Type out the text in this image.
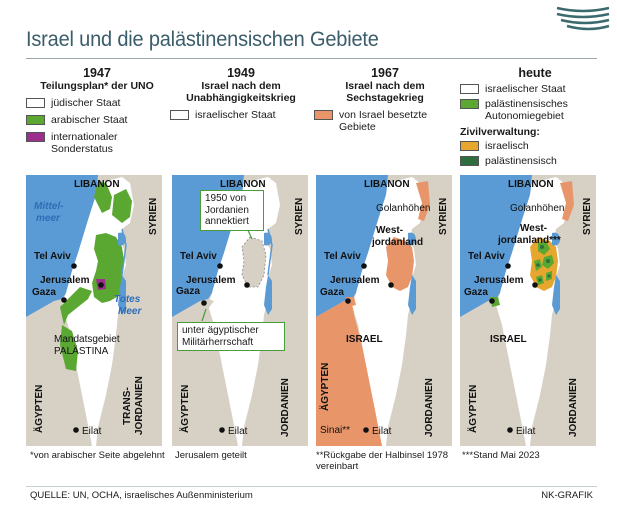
Israel und die palästinensischen Gebiete
1947
Teilungsplan* der UNO
jüdischer Staat
arabischer Staat
internationaler Sonderstatus
1949
Israel nach dem Unabhängigkeitskrieg
israelischer Staat
1967
Israel nach dem Sechstagekrieg
von Israel besetzte Gebiete
heute
israelischer Staat
palästinensisches Autonomiegebiet
Zivilverwaltung:
israelisch
palästinensisch
LIBANON
SYRIEN
Mittel-
meer
Tel Aviv
Jerusalem
Gaza
Totes
Meer
Mandatsgebiet
PALÄSTINA
ÄGYPTEN	TRANS- JORDANIEN
Eilat
LIBANON
SYRIEN
Tel Aviv
Jerusalem
Gaza
ÄGYPTEN	JORDANIEN
Eilat
1950 von Jordanien annektiert
unter ägyptischer Militärherrschaft
LIBANON
SYRIEN
Golanhöhen
West-
jordanland
Tel Aviv
Jerusalem
Gaza
ISRAEL
ÄGYPTEN	JORDANIEN
Sinai** Eilat
LIBANON
SYRIEN
Golanhöhen
West-
jordanland***
Tel Aviv
Jerusalem
Gaza
ISRAEL
ÄGYPTEN	JORDANIEN
Eilat
*von arabischer Seite abgelehnt	Jerusalem geteilt	**Rückgabe der Halbinsel 1978 vereinbart
***Stand Mai 2023
QUELLE: UN, OCHA, israelisches Außenministerium	NK-GRAFIK
